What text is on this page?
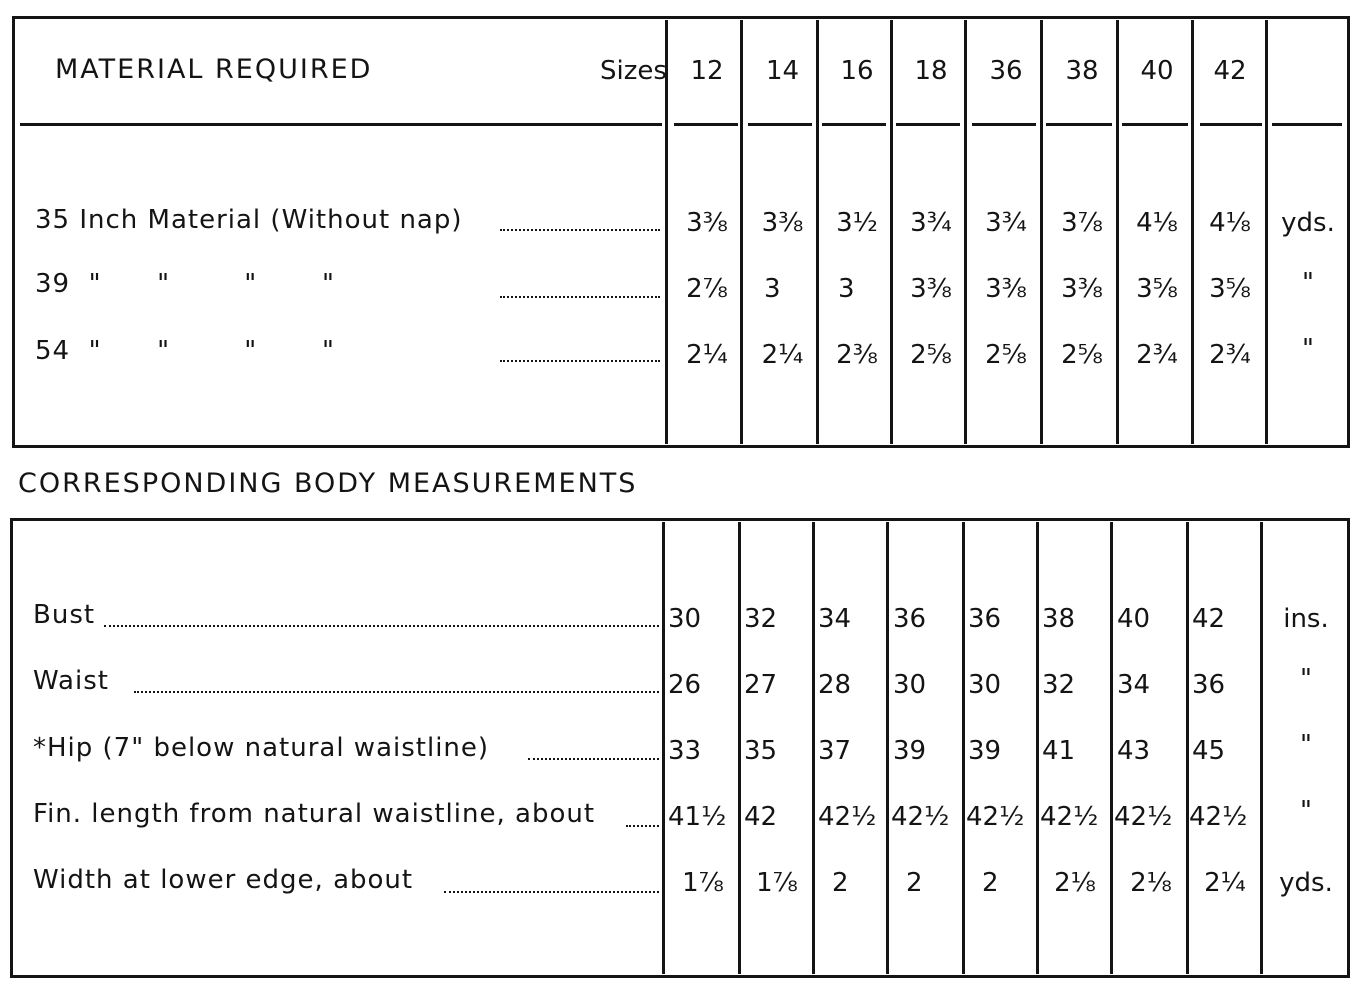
MATERIAL REQUIRED	Sizes 12	14	16	18	36	38	40	42
35 Inch Material (Without nap)	3⅜	3⅜	3½	3¾	3¾	3⅞	4⅛	4⅛	yds.
39  "      "        "       "	2⅞	3 3	3⅜	3⅜	3⅜	3⅝	3⅝	"
54  "      "        "       "	2¼	2¼	2⅜	2⅝	2⅝	2⅝	2¾	2¾	"
CORRESPONDING BODY MEASUREMENTS
Bust	30 32 34 36 36 38 40 42	ins.
Waist	26 27 28 30 30 32 34 36	"
*Hip (7" below natural waistline)	33 35 37 39 39 41 43 45	"
Fin. length from natural waistline, about	41½ 42 42½ 42½ 42½ 42½ 42½ 42½	"
Width at lower edge, about	1⅞	1⅞	2 2 2	2⅛	2⅛	2¼	yds.
